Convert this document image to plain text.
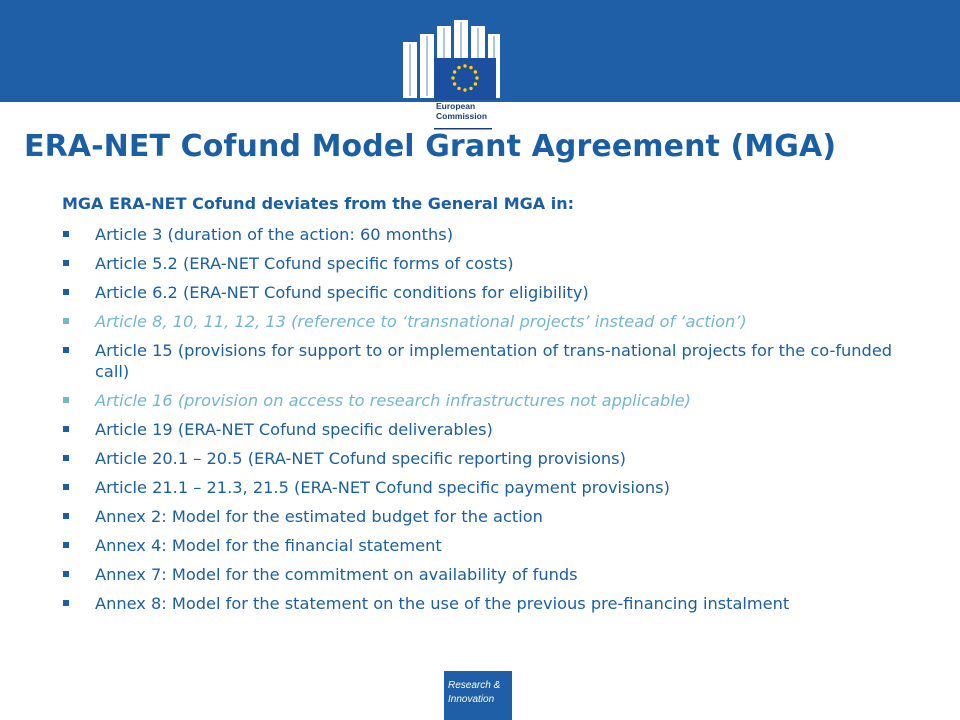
European
Commission
ERA-NET Cofund Model Grant Agreement (MGA)

MGA ERA-NET Cofund deviates from the General MGA in:

Article 3 (duration of the action: 60 months)
Article 5.2 (ERA-NET Cofund specific forms of costs)
Article 6.2 (ERA-NET Cofund specific conditions for eligibility)
Article 8, 10, 11, 12, 13 (reference to ‘transnational projects’ instead of ‘action’)
Article 15 (provisions for support to or implementation of trans-national projects for the co-funded call)
Article 16 (provision on access to research infrastructures not applicable)
Article 19 (ERA-NET Cofund specific deliverables)
Article 20.1 – 20.5 (ERA-NET Cofund specific reporting provisions)
Article 21.1 – 21.3, 21.5 (ERA-NET Cofund specific payment provisions)
Annex 2: Model for the estimated budget for the action
Annex 4: Model for the financial statement
Annex 7: Model for the commitment on availability of funds
Annex 8: Model for the statement on the use of the previous pre-financing instalment
Research &
Innovation
